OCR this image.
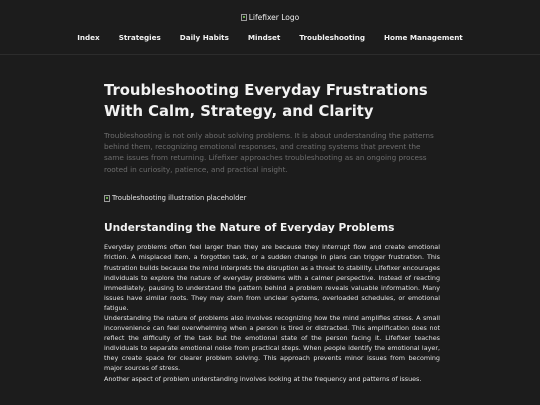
Lifefixer Logo
Index	Strategies	Daily Habits	Mindset	Troubleshooting	Home Management
Troubleshooting Everyday Frustrations With Calm, Strategy, and Clarity

Troubleshooting is not only about solving problems. It is about understanding the patterns behind them, recognizing emotional responses, and creating systems that prevent the same issues from returning. Lifefixer approaches troubleshooting as an ongoing process rooted in curiosity, patience, and practical insight.

Troubleshooting illustration placeholder
Understanding the Nature of Everyday Problems

Everyday problems often feel larger than they are because they interrupt flow and create emotional friction. A misplaced item, a forgotten task, or a sudden change in plans can trigger frustration. This frustration builds because the mind interprets the disruption as a threat to stability. Lifefixer encourages individuals to explore the nature of everyday problems with a calmer perspective. Instead of reacting immediately, pausing to understand the pattern behind a problem reveals valuable information. Many issues have similar roots. They may stem from unclear systems, overloaded schedules, or emotional fatigue.

Understanding the nature of problems also involves recognizing how the mind amplifies stress. A small inconvenience can feel overwhelming when a person is tired or distracted. This amplification does not reflect the difficulty of the task but the emotional state of the person facing it. Lifefixer teaches individuals to separate emotional noise from practical steps. When people identify the emotional layer, they create space for clearer problem solving. This approach prevents minor issues from becoming major sources of stress.

Another aspect of problem understanding involves looking at the frequency and patterns of issues.
